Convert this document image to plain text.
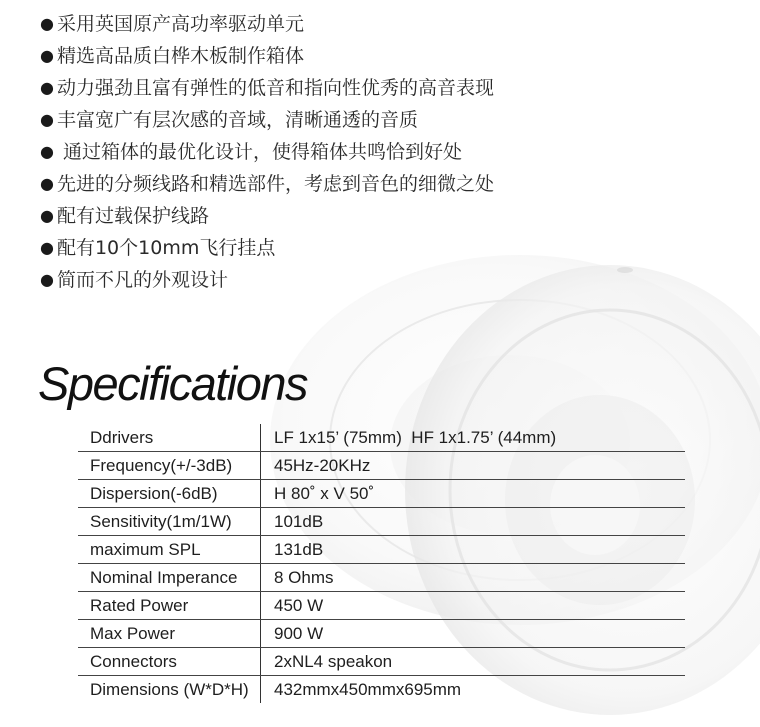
● 采用英国原产高功率驱动单元
● 精选高品质白桦木板制作箱体
● 动力强劲且富有弹性的低音和指向性优秀的高音表现
● 丰富宽广有层次感的音域，清晰通透的音质
● 通过箱体的最优化设计，使得箱体共鸣恰到好处
● 先进的分频线路和精选部件，考虑到音色的细微之处
● 配有过载保护线路
● 配有10个10mm飞行挂点
● 简而不凡的外观设计
Specifications
Ddrivers	LF 1x15’ (75mm)  HF 1x1.75’ (44mm)
Frequency(+/-3dB)	45Hz-20KHz
Dispersion(-6dB)	H 80˚ x V 50˚
Sensitivity(1m/1W)	101dB
maximum SPL	131dB
Nominal Imperance	8 Ohms
Rated Power	450 W
Max Power	900 W
Connectors	2xNL4 speakon
Dimensions (W*D*H)	432mmx450mmx695mm
